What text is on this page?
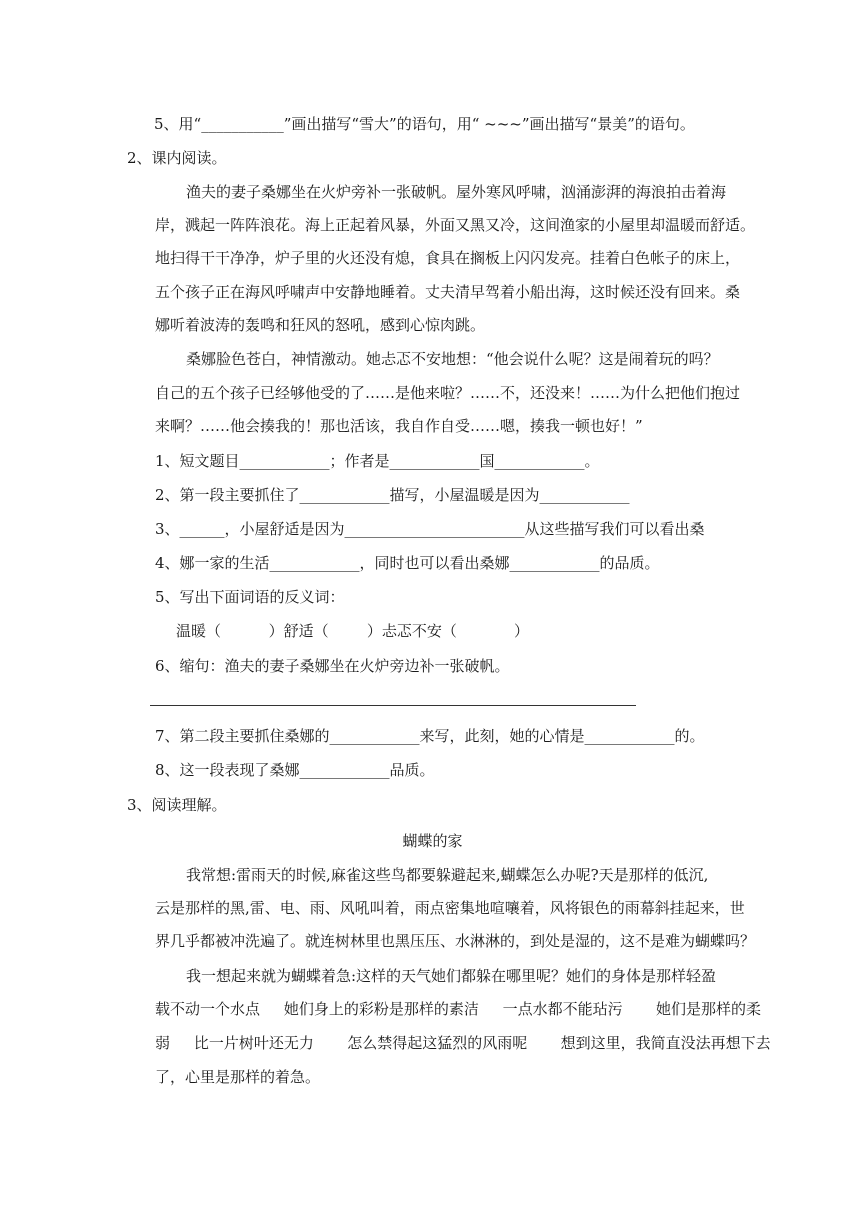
5、用“___________”画出描写“雪大”的语句，用“ ~~~”画出描写“景美”的语句。
2、课内阅读。
渔夫的妻子桑娜坐在火炉旁补一张破帆。屋外寒风呼啸，汹涌澎湃的海浪拍击着海
岸，溅起一阵阵浪花。海上正起着风暴，外面又黑又冷，这间渔家的小屋里却温暖而舒适。
地扫得干干净净，炉子里的火还没有熄，食具在搁板上闪闪发亮。挂着白色帐子的床上，
五个孩子正在海风呼啸声中安静地睡着。丈夫清早驾着小船出海，这时候还没有回来。桑
娜听着波涛的轰鸣和狂风的怒吼，感到心惊肉跳。
桑娜脸色苍白，神情激动。她忐忑不安地想：“他会说什么呢？这是闹着玩的吗？
自己的五个孩子已经够他受的了……是他来啦？……不，还没来！……为什么把他们抱过
来啊？……他会揍我的！那也活该，我自作自受……嗯，揍我一顿也好！”
1、短文题目____________；作者是____________国____________。
2、第一段主要抓住了____________描写，小屋温暖是因为____________
3、______，小屋舒适是因为________________________从这些描写我们可以看出桑
4、娜一家的生活____________，同时也可以看出桑娜____________的品质。
5、写出下面词语的反义词：
温暖（          ）舒适（        ）忐忑不安（            ）
6、缩句：渔夫的妻子桑娜坐在火炉旁边补一张破帆。
7、第二段主要抓住桑娜的____________来写，此刻，她的心情是____________的。
8、这一段表现了桑娜____________品质。
3、阅读理解。
蝴蝶的家
我常想:雷雨天的时候,麻雀这些鸟都要躲避起来,蝴蝶怎么办呢?天是那样的低沉,
云是那样的黑,雷、电、雨、风吼叫着，雨点密集地喧嚷着，风将银色的雨幕斜挂起来，世
界几乎都被冲洗遍了。就连树林里也黑压压、水淋淋的，到处是湿的，这不是难为蝴蝶吗？
我一想起来就为蝴蝶着急:这样的天气她们都躲在哪里呢？她们的身体是那样轻盈
载不动一个水点     她们身上的彩粉是那样的素洁     一点水都不能玷污       她们是那样的柔
弱     比一片树叶还无力       怎么禁得起这猛烈的风雨呢       想到这里，我简直没法再想下去
了，心里是那样的着急。
